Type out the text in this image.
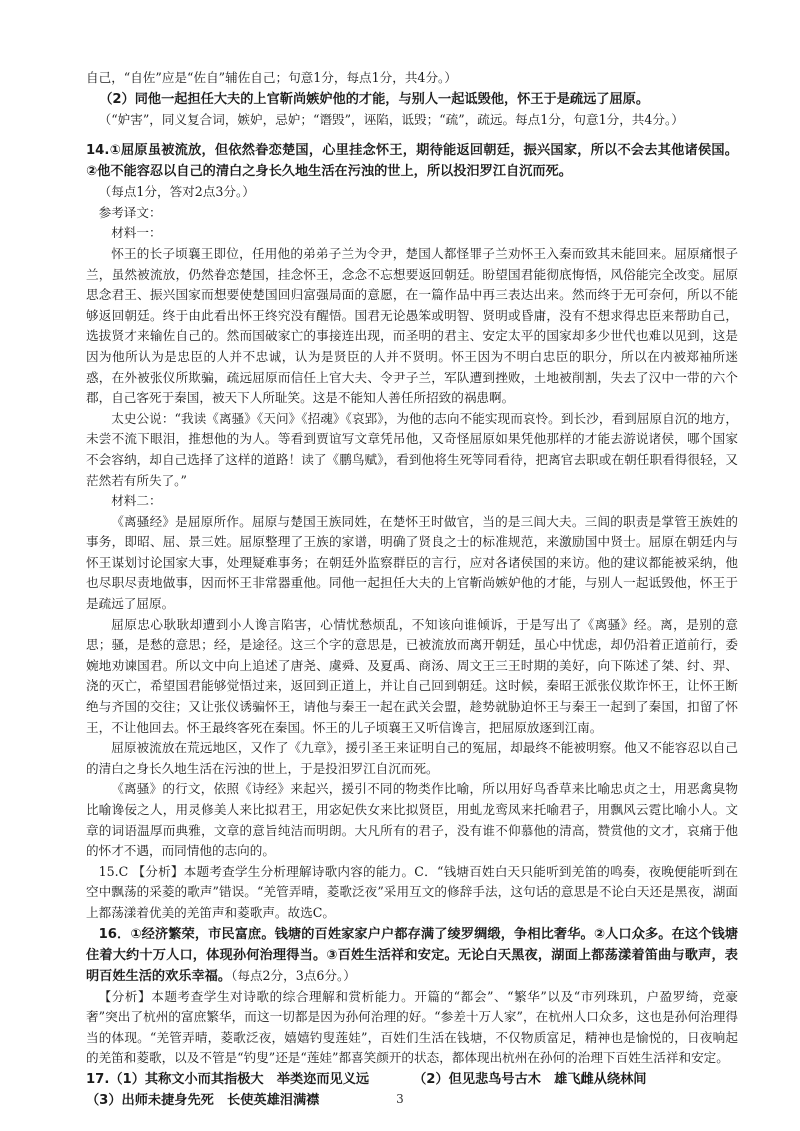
自己，“自佐”应是“佐自”辅佐自己；句意1分，每点1分，共4分。）

（2）同他一起担任大夫的上官靳尚嫉妒他的才能，与别人一起诋毁他，怀王于是疏远了屈原。

（“妒害”，同义复合词，嫉妒，忌妒；“谮毁”，诬陷，诋毁；“疏”，疏远。每点1分，句意1分，共4分。）

14.①屈原虽被流放，但依然眷恋楚国，心里挂念怀王，期待能返回朝廷，振兴国家，所以不会去其他诸侯国。②他不能容忍以自己的清白之身长久地生活在污浊的世上，所以投汨罗江自沉而死。

（每点1分，答对2点3分。）

参考译文：

材料一：

怀王的长子顷襄王即位，任用他的弟弟子兰为令尹，楚国人都怪罪子兰劝怀王入秦而致其未能回来。屈原痛恨子兰，虽然被流放，仍然眷恋楚国，挂念怀王，念念不忘想要返回朝廷。盼望国君能彻底悔悟，风俗能完全改变。屈原思念君王、振兴国家而想要使楚国回归富强局面的意愿，在一篇作品中再三表达出来。然而终于无可奈何，所以不能够返回朝廷。终于由此看出怀王终究没有醒悟。国君无论愚笨或明智、贤明或昏庸，没有不想求得忠臣来帮助自己，选拔贤才来输佐自己的。然而国破家亡的事接连出现，而圣明的君主、安定太平的国家却多少世代也难以见到，这是因为他所认为是忠臣的人并不忠诚，认为是贤臣的人并不贤明。怀王因为不明白忠臣的职分，所以在内被郑袖所迷惑，在外被张仪所欺骗，疏远屈原而信任上官大夫、令尹子兰，军队遭到挫败，土地被削割，失去了汉中一带的六个郡，自己客死于秦国，被天下人所耻笑。这是不能知人善任所招致的祸患啊。

太史公说：“我读《离骚》《天问》《招魂》《哀郢》，为他的志向不能实现而哀怜。到长沙，看到屈原自沉的地方，未尝不流下眼泪，推想他的为人。等看到贾谊写文章凭吊他，又奇怪屈原如果凭他那样的才能去游说诸侯，哪个国家不会容纳，却自己选择了这样的道路！读了《鹏鸟赋》，看到他将生死等同看待，把离官去职或在朝任职看得很轻，又茫然若有所失了。”

材料二：

《离骚经》是屈原所作。屈原与楚国王族同姓，在楚怀王时做官，当的是三闾大夫。三闾的职责是掌管王族姓的事务，即昭、屈、景三姓。屈原整理了王族的家谱，明确了贤良之士的标准规范，来激励国中贤士。屈原在朝廷内与怀王谋划讨论国家大事，处理疑难事务；在朝廷外监察群臣的言行，应对各诸侯国的来访。他的建议都能被采纳，他也尽职尽责地做事，因而怀王非常器重他。同他一起担任大夫的上官靳尚嫉妒他的才能，与别人一起诋毁他，怀王于是疏远了屈原。

屈原忠心耿耿却遭到小人谗言陷害，心情忧愁烦乱，不知该向谁倾诉，于是写出了《离骚》经。离，是别的意思；骚，是愁的意思；经，是途径。这三个字的意思是，已被流放而离开朝廷，虽心中忧虑，却仍沿着正道前行，委婉地劝谏国君。所以文中向上追述了唐尧、虞舜、及夏禹、商汤、周文王三王时期的美好，向下陈述了桀、纣、羿、浇的灭亡，希望国君能够觉悟过来，返回到正道上，并让自己回到朝廷。这时候，秦昭王派张仪欺诈怀王，让怀王断绝与齐国的交往；又让张仪诱骗怀王，请他与秦王一起在武关会盟，趁势就胁迫怀王与秦王一起到了秦国，扣留了怀王，不让他回去。怀王最终客死在秦国。怀王的儿子顷襄王又听信谗言，把屈原放逐到江南。

屈原被流放在荒远地区，又作了《九章》，援引圣王来证明自己的冤屈，却最终不能被明察。他又不能容忍以自己的清白之身长久地生活在污浊的世上，于是投汨罗江自沉而死。

《离骚》的行文，依照《诗经》来起兴，援引不同的物类作比喻，所以用好鸟香草来比喻忠贞之士，用恶禽臭物比喻谗佞之人，用灵修美人来比拟君王，用宓妃佚女来比拟贤臣，用虬龙鸾凤来托喻君子，用飘风云霓比喻小人。文章的词语温厚而典雅，文章的意旨纯洁而明朗。大凡所有的君子，没有谁不仰慕他的清高，赞赏他的文才，哀痛于他的怀才不遇，而同情他的志向的。

15.C 【分析】本题考查学生分析理解诗歌内容的能力。C．“钱塘百姓白天只能听到羌笛的鸣奏，夜晚便能听到在空中飘荡的采菱的歌声”错误。“羌管弄晴，菱歌泛夜”采用互文的修辞手法，这句话的意思是不论白天还是黑夜，湖面上都荡漾着优美的羌笛声和菱歌声。故选C。

16．①经济繁荣，市民富庶。钱塘的百姓家家户户都存满了绫罗绸缎，争相比奢华。②人口众多。在这个钱塘住着大约十万人口，体现孙何治理得当。③百姓生活祥和安定。无论白天黑夜，湖面上都荡漾着笛曲与歌声，表明百姓生活的欢乐幸福。（每点2分，3点6分。）

【分析】本题考查学生对诗歌的综合理解和赏析能力。开篇的“都会”、“繁华”以及“市列珠玑，户盈罗绮，竞豪奢”突出了杭州的富庶繁华，而这一切都是因为孙何治理的好。“参差十万人家”，在杭州人口众多，这也是孙何治理得当的体现。“羌管弄晴，菱歌泛夜，嬉嬉钓叟莲娃”，百姓们生活在钱塘，不仅物质富足，精神也是愉悦的，日夜响起的羌笛和菱歌，以及不管是“钓叟”还是“莲娃”都喜笑颜开的状态，都体现出杭州在孙何的治理下百姓生活祥和安定。

17.（1）其称文小而其指极大　举类迩而见义远	（2）但见悲鸟号古木　雄飞雌从绕林间

（3）出师未捷身先死　长使英雄泪满襟	3
